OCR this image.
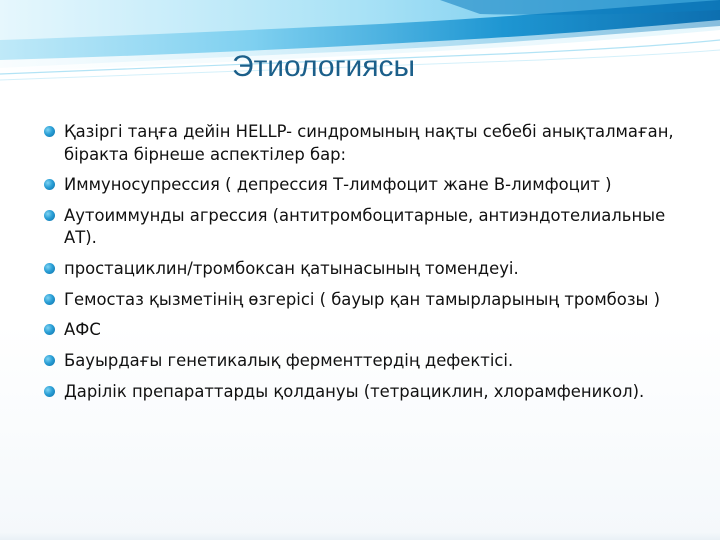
Этиологиясы
Қазіргі таңға дейін HELLP- синдромының нақты себебі анықталмаған, біракта бірнеше аспектілер бар:
Иммуносупрессия ( депрессия Т-лимфоцит жане В-лимфоцит )
Аутоиммунды агрессия (антитромбоцитарные, антиэндотелиальные АТ).
простациклин/тромбоксан қатынасының томендеуі.
Гемостаз қызметінің өзгерісі ( бауыр қан тамырларының тромбозы )
АФС
Бауырдағы генетикалық ферменттердің дефектісі.
Дарілік препараттарды қолдануы (тетрациклин, хлорамфеникол).
